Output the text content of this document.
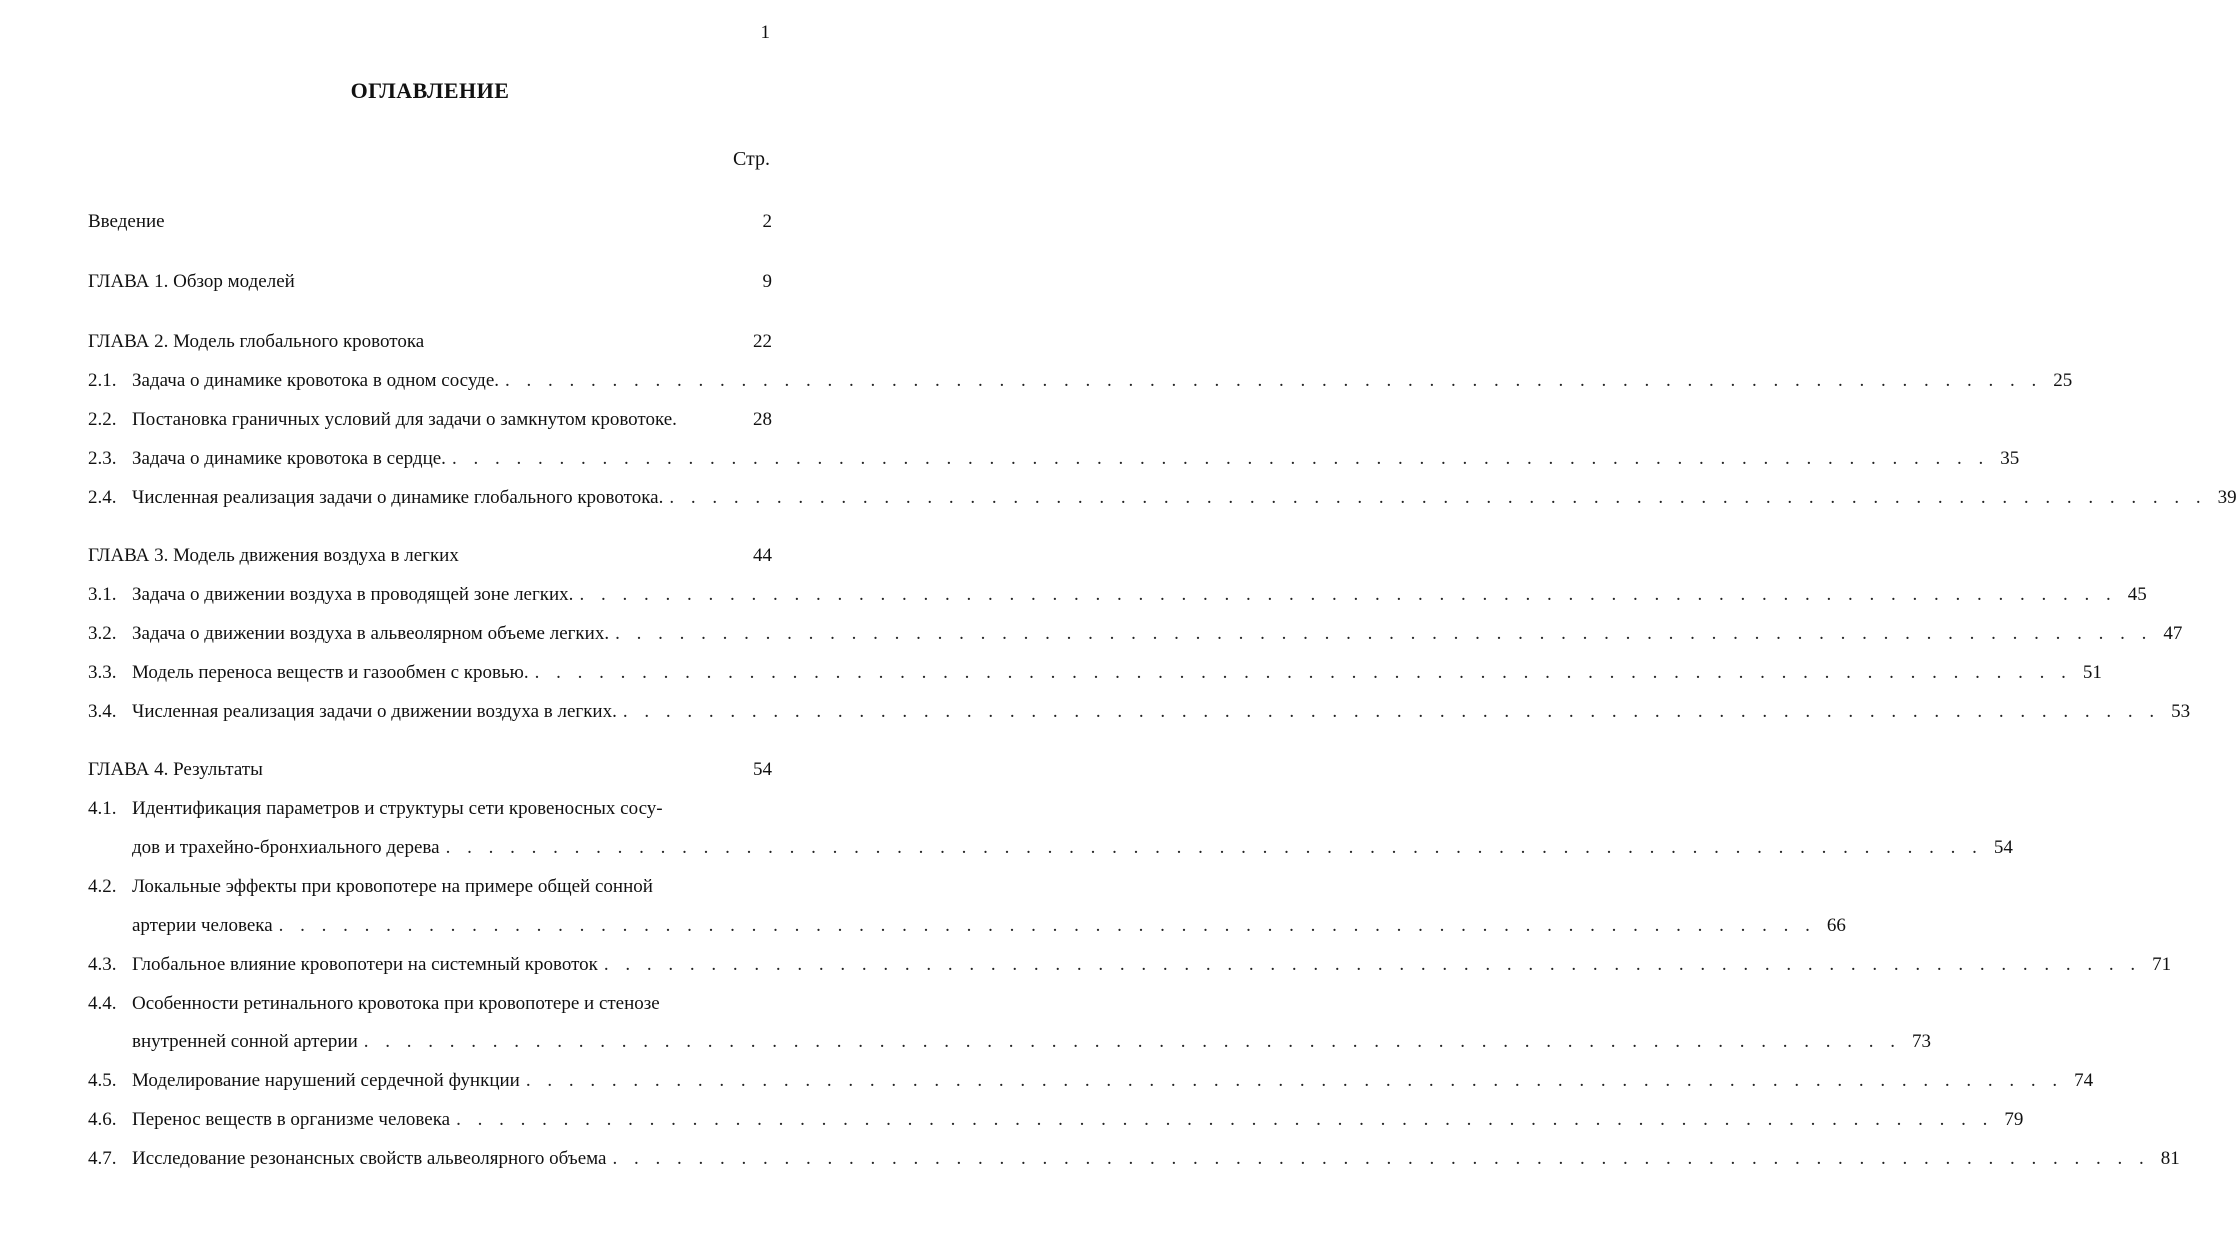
1
ОГЛАВЛЕНИЕ
Стр.
Введение	2
ГЛАВА 1. Обзор моделей	9
ГЛАВА 2. Модель глобального кровотока	22
2.1. Задача о динамике кровотока в одном сосуде. . . .	25
2.2. Постановка граничных условий для задачи о замкнутом кровотоке.	28
2.3. Задача о динамике кровотока в сердце. . . .	35
2.4. Численная реализация задачи о динамике глобального кровотока. . . .	39
ГЛАВА 3. Модель движения воздуха в легких	44
3.1. Задача о движении воздуха в проводящей зоне легких. . . .	45
3.2. Задача о движении воздуха в альвеолярном объеме легких. . . .	47
3.3. Модель переноса веществ и газообмен с кровью. . . .	51
3.4. Численная реализация задачи о движении воздуха в легких. . . .	53
ГЛАВА 4. Результаты	54
4.1. Идентификация параметров и структуры сети кровеносных сосу-
дов и трахейно-бронхиального дерева . . .	54
4.2. Локальные эффекты при кровопотере на примере общей сонной
артерии человека . . .	66
4.3. Глобальное влияние кровопотери на системный кровоток . . .	71
4.4. Особенности ретинального кровотока при кровопотере и стенозе
внутренней сонной артерии . . .	73
4.5. Моделирование нарушений сердечной функции . . .	74
4.6. Перенос веществ в организме человека . . .	79
4.7. Исследование резонансных свойств альвеолярного объема . . .	81
